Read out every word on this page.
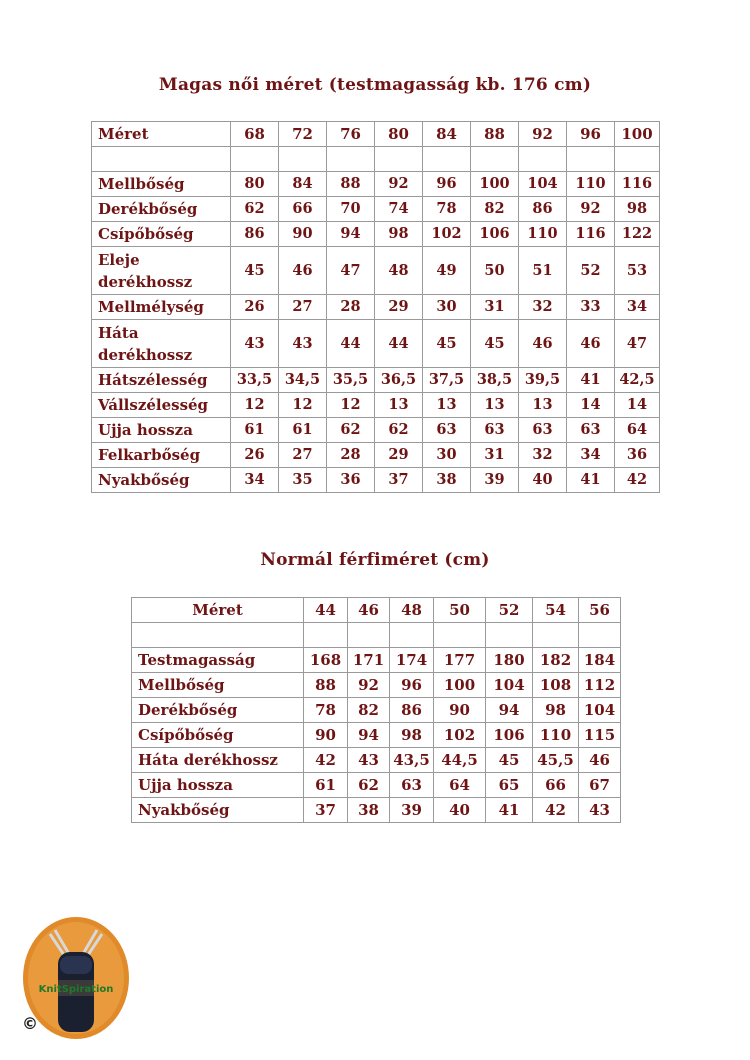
Magas női méret (testmagasság kb. 176 cm)
Méret	68	72	76	80	84	88	92	96	100

Mellbőség	80	84	88	92	96	100	104	110	116
Derékbőség	62	66	70	74	78	82	86	92	98
Csípőbőség	86	90	94	98	102	106	110	116	122
Eleje derékhossz	45	46	47	48	49	50	51	52	53
Mellmélység	26	27	28	29	30	31	32	33	34
Háta derékhossz	43	43	44	44	45	45	46	46	47
Hátszélesség	33,5	34,5	35,5	36,5	37,5	38,5	39,5	41	42,5
Vállszélesség	12	12	12	13	13	13	13	14	14
Ujja hossza	61	61	62	62	63	63	63	63	64
Felkarbőség	26	27	28	29	30	31	32	34	36
Nyakbőség	34	35	36	37	38	39	40	41	42
Normál férfiméret (cm)
Méret	44	46	48	50	52	54	56

Testmagasság	168	171	174	177	180	182	184
Mellbőség	88	92	96	100	104	108	112
Derékbőség	78	82	86	90	94	98	104
Csípőbőség	90	94	98	102	106	110	115
Háta derékhossz	42	43	43,5	44,5	45	45,5	46
Ujja hossza	61	62	63	64	65	66	67
Nyakbőség	37	38	39	40	41	42	43
KnitSpiration
©
